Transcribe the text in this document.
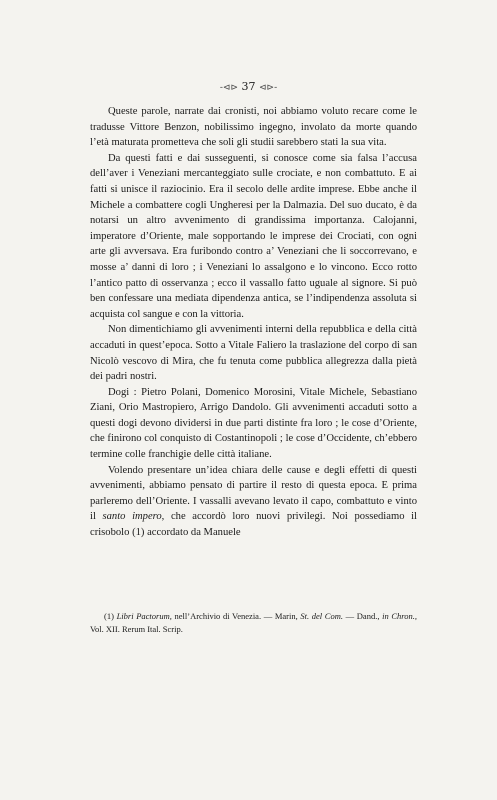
-⊲⊳ 37 ⊲⊳-

Queste parole, narrate dai cronisti, noi abbiamo voluto recare come le tradusse Vittore Benzon, nobilissimo ingegno, involato da morte quando l’età maturata prometteva che soli gli studii sarebbero stati la sua vita.

Da questi fatti e dai susseguenti, si conosce come sia falsa l’accusa dell’aver i Veneziani mercanteggiato sulle crociate, e non combattuto. E ai fatti si unisce il raziocinio. Era il secolo delle ardite imprese. Ebbe anche il Michele a combattere cogli Ungheresi per la Dalmazia. Del suo ducato, è da notarsi un altro avvenimento di grandissima importanza. Calojanni, imperatore d’Oriente, male sopportando le imprese dei Crociati, con ogni arte gli avversava. Era furibondo contro a’ Veneziani che li soccorrevano, e mosse a’ danni di loro ; i Veneziani lo assalgono e lo vincono. Ecco rotto l’antico patto di osservanza ; ecco il vassallo fatto uguale al signore. Si può ben confessare una mediata dipendenza antica, se l’indipendenza assoluta si acquista col sangue e con la vittoria.

Non dimentichiamo gli avvenimenti interni della repubblica e della città accaduti in quest’epoca. Sotto a Vitale Faliero la traslazione del corpo di san Nicolò vescovo di Mira, che fu tenuta come pubblica allegrezza dalla pietà dei padri nostri.

Dogi : Pietro Polani, Domenico Morosini, Vitale Michele, Sebastiano Ziani, Orio Mastropiero, Arrigo Dandolo. Gli avvenimenti accaduti sotto a questi dogi devono dividersi in due parti distinte fra loro ; le cose d’Oriente, che finirono col conquisto di Costantinopoli ; le cose d’Occidente, ch’ebbero termine colle franchigie delle città italiane.

Volendo presentare un’idea chiara delle cause e degli effetti di questi avvenimenti, abbiamo pensato di partire il resto di questa epoca. E prima parleremo dell’Oriente. I vassalli avevano levato il capo, combattuto e vinto il santo impero, che accordò loro nuovi privilegi. Noi possediamo il crisobolo (1) accordato da Manuele

(1) Libri Pactorum, nell’Archivio di Venezia. — Marin, St. del Com. — Dand., in Chron., Vol. XII. Rerum Ital. Scrip.
